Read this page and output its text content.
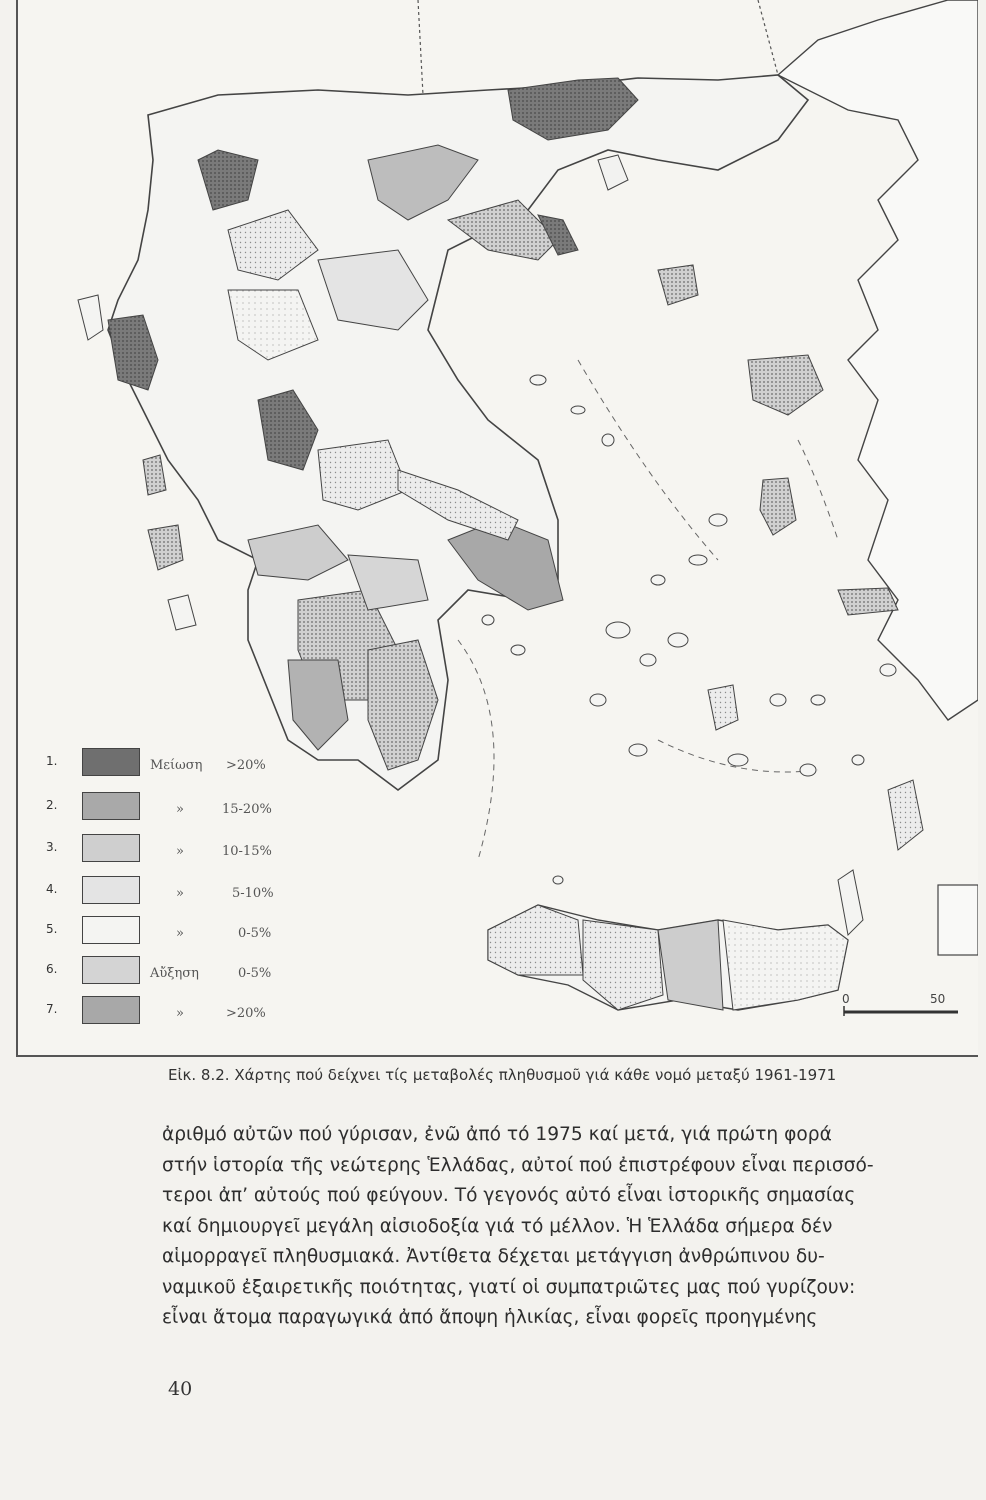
1.	Μείωση >20%
2.	»	15-20%
3.	»	10-15%
4.	»	5-10%
5.	»	0-5%
6.	Αὔξηση	0-5%
7.	»	>20%
0	50
Εἰκ. 8.2. Χάρτης πού δείχνει τίς μεταβολές πληθυσμοῦ γιά κάθε νομό μεταξύ 1961-1971
ἀριθμό αὐτῶν πού γύρισαν, ἐνῶ ἀπό τό 1975 καί μετά, γιά πρώτη φορά
στήν ἱστορία τῆς νεώτερης Ἑλλάδας, αὐτοί πού ἐπιστρέφουν εἶναι περισσό-
τεροι ἀπ’ αὐτούς πού φεύγουν. Τό γεγονός αὐτό εἶναι ἱστορικῆς σημασίας
καί δημιουργεῖ μεγάλη αἰσιοδοξία γιά τό μέλλον. Ἡ Ἑλλάδα σήμερα δέν
αἱμορραγεῖ πληθυσμιακά. Ἀντίθετα δέχεται μετάγγιση ἀνθρώπινου δυ-
ναμικοῦ ἐξαιρετικῆς ποιότητας, γιατί οἱ συμπατριῶτες μας πού γυρίζουν:
εἶναι ἄτομα παραγωγικά ἀπό ἄποψη ἡλικίας, εἶναι φορεῖς προηγμένης
40
